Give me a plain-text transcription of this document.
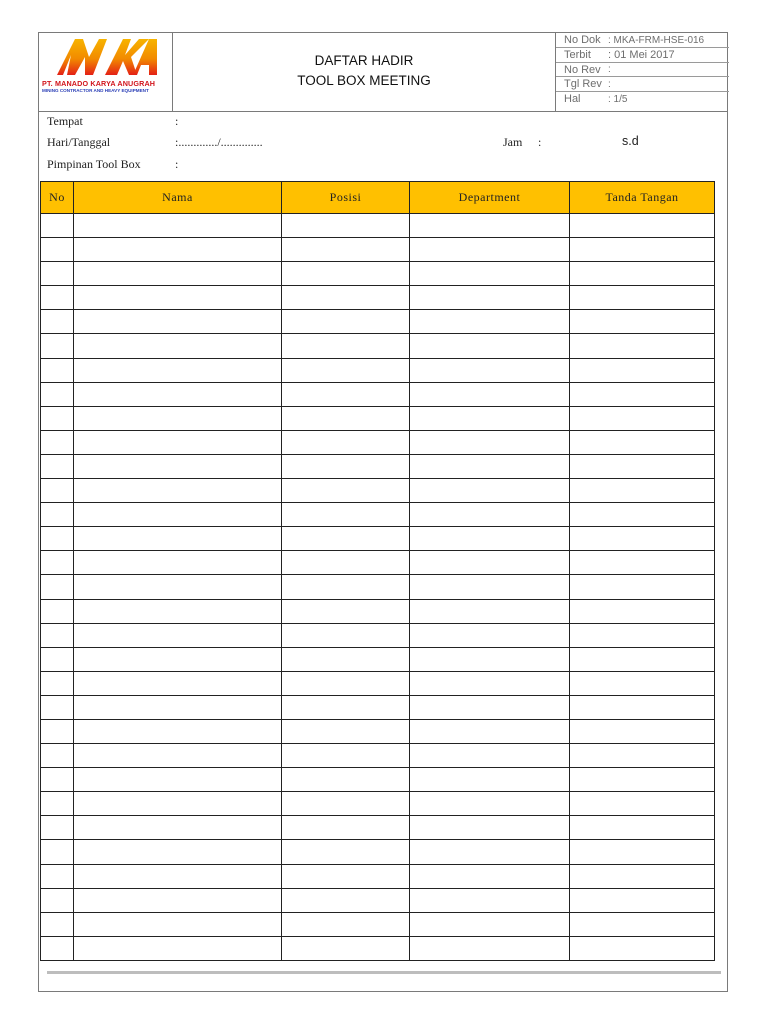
PT. MANADO KARYA ANUGRAH
MINING CONTRACTOR AND HEAVY EQUIPMENT
DAFTAR HADIR
TOOL BOX MEETING
No Dok : MKA-FRM-HSE-016
Terbit : 01 Mei 2017
No Rev :
Tgl Rev :
Hal	: 1/5
Tempat	:
Hari/Tanggal	:............./..............	Jam :	s.d
Pimpinan Tool Box	:
No	Nama	Posisi	Department	Tanda Tangan
